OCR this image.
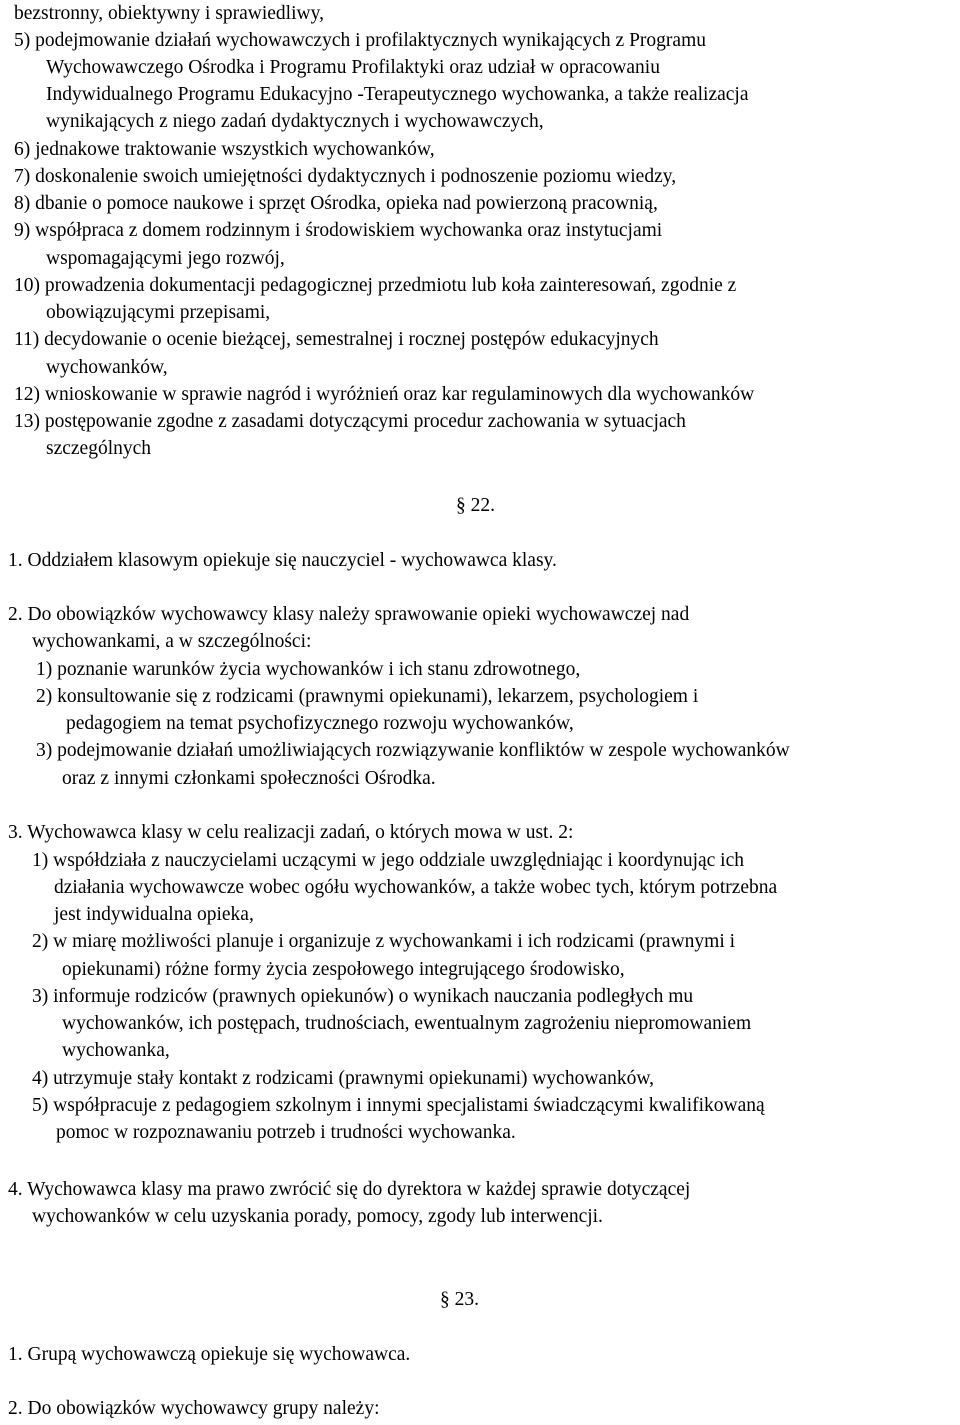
bezstronny, obiektywny i sprawiedliwy,
5) podejmowanie działań wychowawczych i profilaktycznych wynikających z Programu
Wychowawczego Ośrodka i Programu Profilaktyki oraz udział w opracowaniu
Indywidualnego Programu Edukacyjno -Terapeutycznego wychowanka, a także realizacja
wynikających z niego zadań dydaktycznych i wychowawczych,
6) jednakowe traktowanie wszystkich wychowanków,
7) doskonalenie swoich umiejętności dydaktycznych i podnoszenie poziomu wiedzy,
8) dbanie o pomoce naukowe i sprzęt Ośrodka, opieka nad powierzoną pracownią,
9) współpraca z domem rodzinnym i środowiskiem wychowanka oraz instytucjami
wspomagającymi jego rozwój,
10) prowadzenia dokumentacji pedagogicznej przedmiotu lub koła zainteresowań, zgodnie z
obowiązującymi przepisami,
11) decydowanie o ocenie bieżącej, semestralnej i rocznej postępów edukacyjnych
wychowanków,
12) wnioskowanie w sprawie nagród i wyróżnień oraz kar regulaminowych dla wychowanków
13) postępowanie zgodne z zasadami dotyczącymi procedur zachowania w sytuacjach
szczególnych
§ 22.
1. Oddziałem klasowym opiekuje się nauczyciel - wychowawca klasy.
2. Do obowiązków wychowawcy klasy należy sprawowanie opieki wychowawczej nad
wychowankami, a w szczególności:
1) poznanie warunków życia wychowanków i ich stanu zdrowotnego,
2) konsultowanie się z rodzicami (prawnymi opiekunami), lekarzem, psychologiem i
pedagogiem na temat psychofizycznego rozwoju wychowanków,
3) podejmowanie działań umożliwiających rozwiązywanie konfliktów w zespole wychowanków
oraz z innymi członkami społeczności Ośrodka.
3. Wychowawca klasy w celu realizacji zadań, o których mowa w ust. 2:
1) współdziała z nauczycielami uczącymi w jego oddziale uwzględniając i koordynując ich
działania wychowawcze wobec ogółu wychowanków, a także wobec tych, którym potrzebna
jest indywidualna opieka,
2) w miarę możliwości planuje i organizuje z wychowankami i ich rodzicami (prawnymi i
opiekunami) różne formy życia zespołowego integrującego środowisko,
3) informuje rodziców (prawnych opiekunów) o wynikach nauczania podległych mu
wychowanków, ich postępach, trudnościach, ewentualnym zagrożeniu niepromowaniem
wychowanka,
4) utrzymuje stały kontakt z rodzicami (prawnymi opiekunami) wychowanków,
5) współpracuje z pedagogiem szkolnym i innymi specjalistami świadczącymi kwalifikowaną
pomoc w rozpoznawaniu potrzeb i trudności wychowanka.
4. Wychowawca klasy ma prawo zwrócić się do dyrektora w każdej sprawie dotyczącej
wychowanków w celu uzyskania porady, pomocy, zgody lub interwencji.
§ 23.
1. Grupą wychowawczą opiekuje się wychowawca.
2. Do obowiązków wychowawcy grupy należy:
